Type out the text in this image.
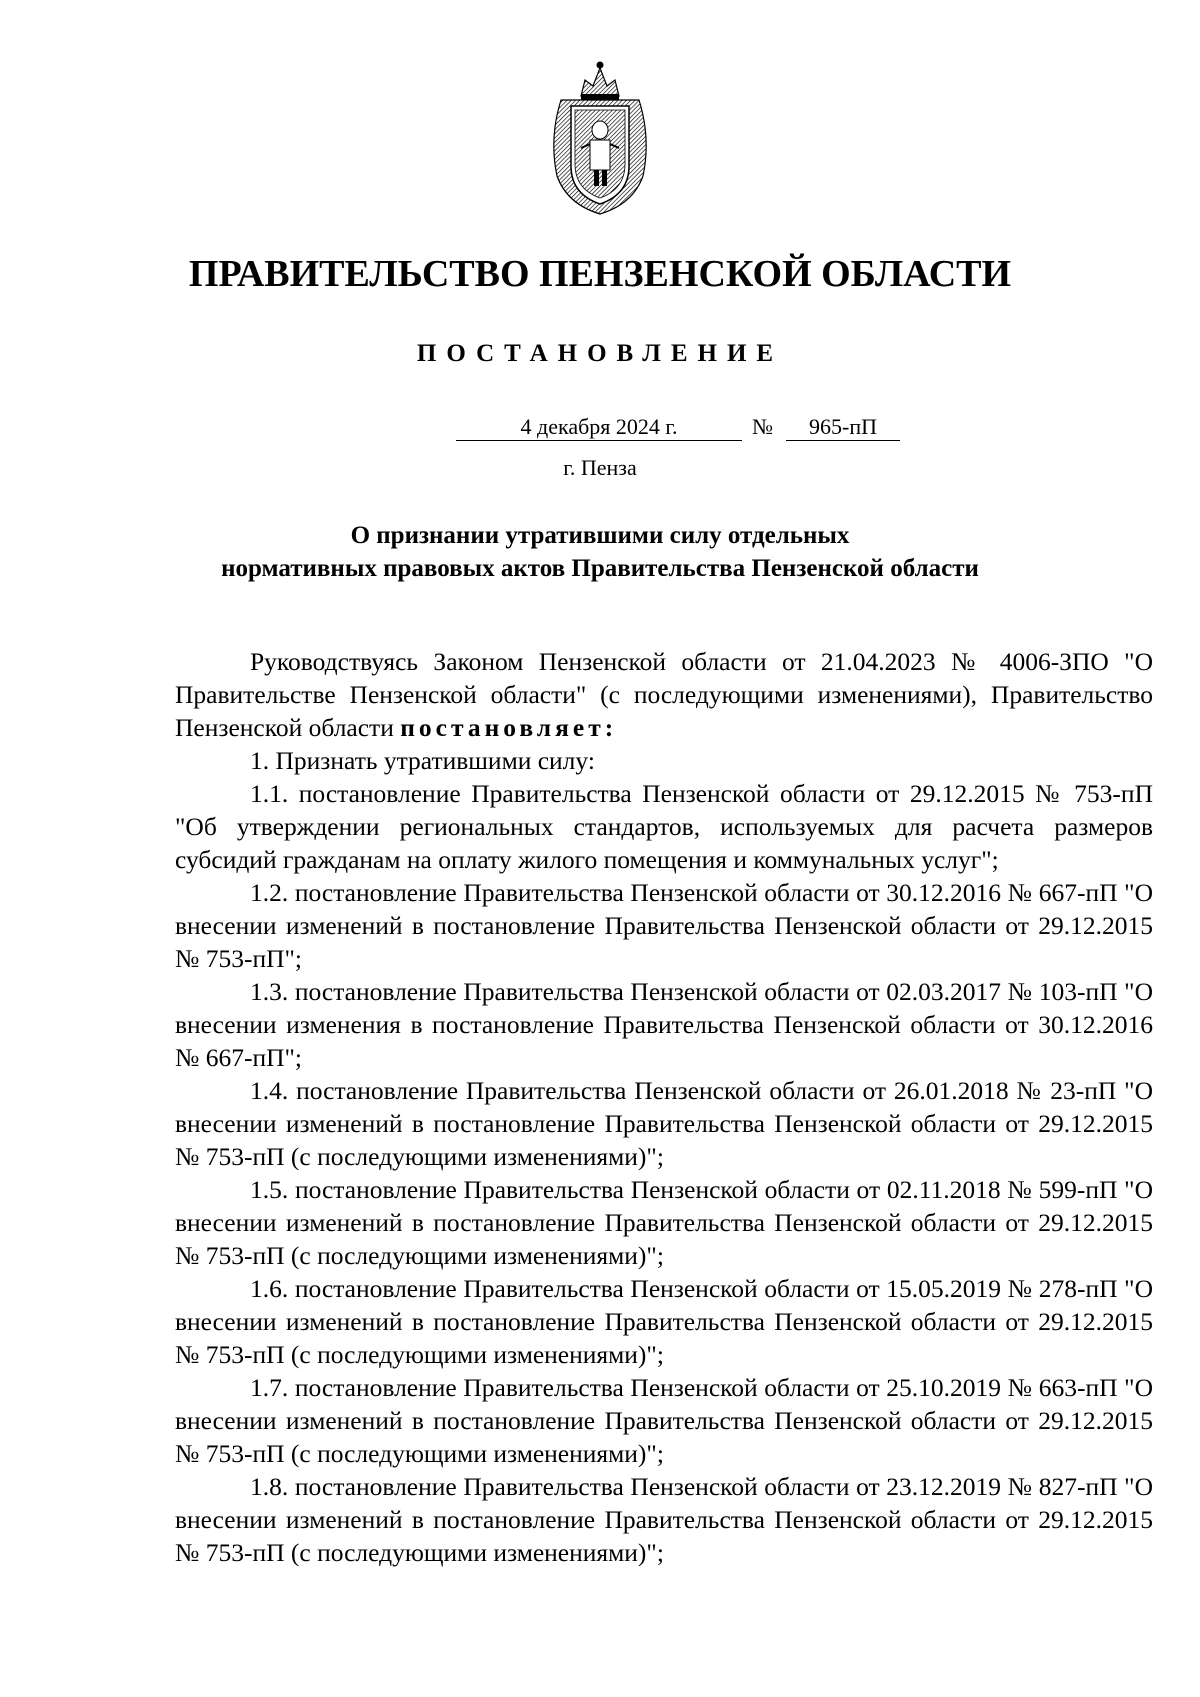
ПРАВИТЕЛЬСТВО ПЕНЗЕНСКОЙ ОБЛАСТИ
ПОСТАНОВЛЕНИЕ
4 декабря 2024 г.	№	965-пП
г. Пенза
О признании утратившими силу отдельных
нормативных правовых актов Правительства Пензенской области

Руководствуясь Законом Пензенской области от 21.04.2023 № 4006-ЗПО "О Правительстве Пензенской области" (с последующими изменениями), Правительство Пензенской области постановляет:

1. Признать утратившими силу:

1.1. постановление Правительства Пензенской области от 29.12.2015 № 753-пП "Об утверждении региональных стандартов, используемых для расчета размеров субсидий гражданам на оплату жилого помещения и коммунальных услуг";

1.2. постановление Правительства Пензенской области от 30.12.2016 № 667-пП "О внесении изменений в постановление Правительства Пензенской области от 29.12.2015 № 753-пП";

1.3. постановление Правительства Пензенской области от 02.03.2017 № 103-пП "О внесении изменения в постановление Правительства Пензенской области от 30.12.2016 № 667-пП";

1.4. постановление Правительства Пензенской области от 26.01.2018 № 23-пП "О внесении изменений в постановление Правительства Пензенской области от 29.12.2015 № 753-пП (с последующими изменениями)";

1.5. постановление Правительства Пензенской области от 02.11.2018 № 599-пП "О внесении изменений в постановление Правительства Пензенской области от 29.12.2015 № 753-пП (с последующими изменениями)";

1.6. постановление Правительства Пензенской области от 15.05.2019 № 278-пП "О внесении изменений в постановление Правительства Пензенской области от 29.12.2015 № 753-пП (с последующими изменениями)";

1.7. постановление Правительства Пензенской области от 25.10.2019 № 663-пП "О внесении изменений в постановление Правительства Пензенской области от 29.12.2015 № 753-пП (с последующими изменениями)";

1.8. постановление Правительства Пензенской области от 23.12.2019 № 827-пП "О внесении изменений в постановление Правительства Пензенской области от 29.12.2015 № 753-пП (с последующими изменениями)";
